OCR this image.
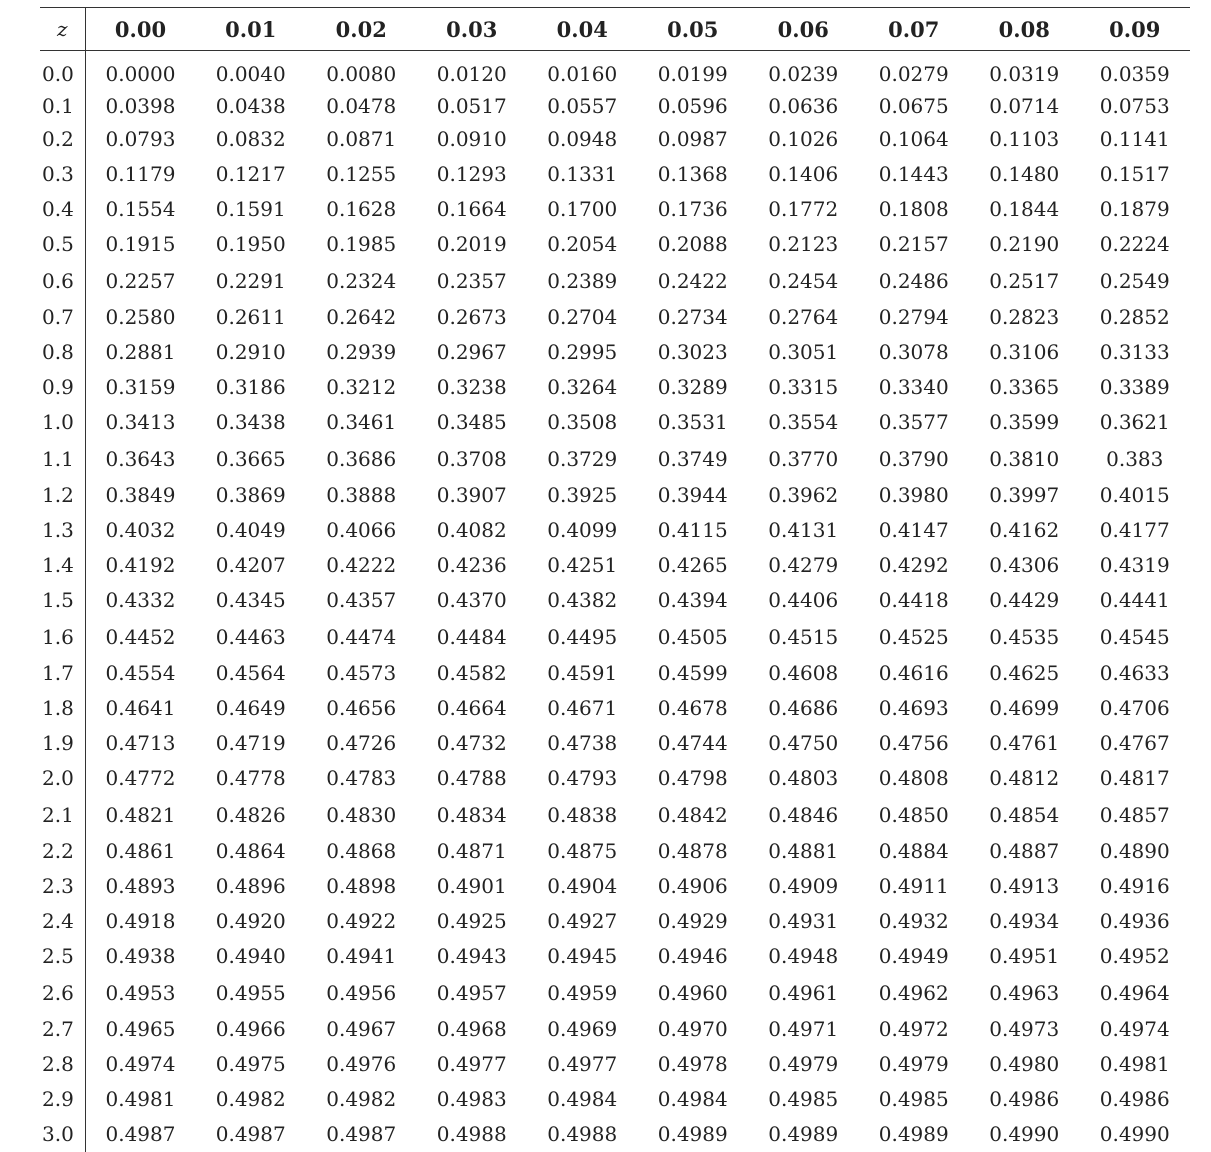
z	0.00	0.01	0.02	0.03	0.04	0.05	0.06	0.07	0.08	0.09
0.0	0.0000	0.0040	0.0080	0.0120	0.0160	0.0199	0.0239	0.0279	0.0319	0.0359
0.1	0.0398	0.0438	0.0478	0.0517	0.0557	0.0596	0.0636	0.0675	0.0714	0.0753
0.2	0.0793	0.0832	0.0871	0.0910	0.0948	0.0987	0.1026	0.1064	0.1103	0.1141
0.3	0.1179	0.1217	0.1255	0.1293	0.1331	0.1368	0.1406	0.1443	0.1480	0.1517
0.4	0.1554	0.1591	0.1628	0.1664	0.1700	0.1736	0.1772	0.1808	0.1844	0.1879
0.5	0.1915	0.1950	0.1985	0.2019	0.2054	0.2088	0.2123	0.2157	0.2190	0.2224
0.6	0.2257	0.2291	0.2324	0.2357	0.2389	0.2422	0.2454	0.2486	0.2517	0.2549
0.7	0.2580	0.2611	0.2642	0.2673	0.2704	0.2734	0.2764	0.2794	0.2823	0.2852
0.8	0.2881	0.2910	0.2939	0.2967	0.2995	0.3023	0.3051	0.3078	0.3106	0.3133
0.9	0.3159	0.3186	0.3212	0.3238	0.3264	0.3289	0.3315	0.3340	0.3365	0.3389
1.0	0.3413	0.3438	0.3461	0.3485	0.3508	0.3531	0.3554	0.3577	0.3599	0.3621
1.1	0.3643	0.3665	0.3686	0.3708	0.3729	0.3749	0.3770	0.3790	0.3810	0.383
1.2	0.3849	0.3869	0.3888	0.3907	0.3925	0.3944	0.3962	0.3980	0.3997	0.4015
1.3	0.4032	0.4049	0.4066	0.4082	0.4099	0.4115	0.4131	0.4147	0.4162	0.4177
1.4	0.4192	0.4207	0.4222	0.4236	0.4251	0.4265	0.4279	0.4292	0.4306	0.4319
1.5	0.4332	0.4345	0.4357	0.4370	0.4382	0.4394	0.4406	0.4418	0.4429	0.4441
1.6	0.4452	0.4463	0.4474	0.4484	0.4495	0.4505	0.4515	0.4525	0.4535	0.4545
1.7	0.4554	0.4564	0.4573	0.4582	0.4591	0.4599	0.4608	0.4616	0.4625	0.4633
1.8	0.4641	0.4649	0.4656	0.4664	0.4671	0.4678	0.4686	0.4693	0.4699	0.4706
1.9	0.4713	0.4719	0.4726	0.4732	0.4738	0.4744	0.4750	0.4756	0.4761	0.4767
2.0	0.4772	0.4778	0.4783	0.4788	0.4793	0.4798	0.4803	0.4808	0.4812	0.4817
2.1	0.4821	0.4826	0.4830	0.4834	0.4838	0.4842	0.4846	0.4850	0.4854	0.4857
2.2	0.4861	0.4864	0.4868	0.4871	0.4875	0.4878	0.4881	0.4884	0.4887	0.4890
2.3	0.4893	0.4896	0.4898	0.4901	0.4904	0.4906	0.4909	0.4911	0.4913	0.4916
2.4	0.4918	0.4920	0.4922	0.4925	0.4927	0.4929	0.4931	0.4932	0.4934	0.4936
2.5	0.4938	0.4940	0.4941	0.4943	0.4945	0.4946	0.4948	0.4949	0.4951	0.4952
2.6	0.4953	0.4955	0.4956	0.4957	0.4959	0.4960	0.4961	0.4962	0.4963	0.4964
2.7	0.4965	0.4966	0.4967	0.4968	0.4969	0.4970	0.4971	0.4972	0.4973	0.4974
2.8	0.4974	0.4975	0.4976	0.4977	0.4977	0.4978	0.4979	0.4979	0.4980	0.4981
2.9	0.4981	0.4982	0.4982	0.4983	0.4984	0.4984	0.4985	0.4985	0.4986	0.4986
3.0	0.4987	0.4987	0.4987	0.4988	0.4988	0.4989	0.4989	0.4989	0.4990	0.4990
